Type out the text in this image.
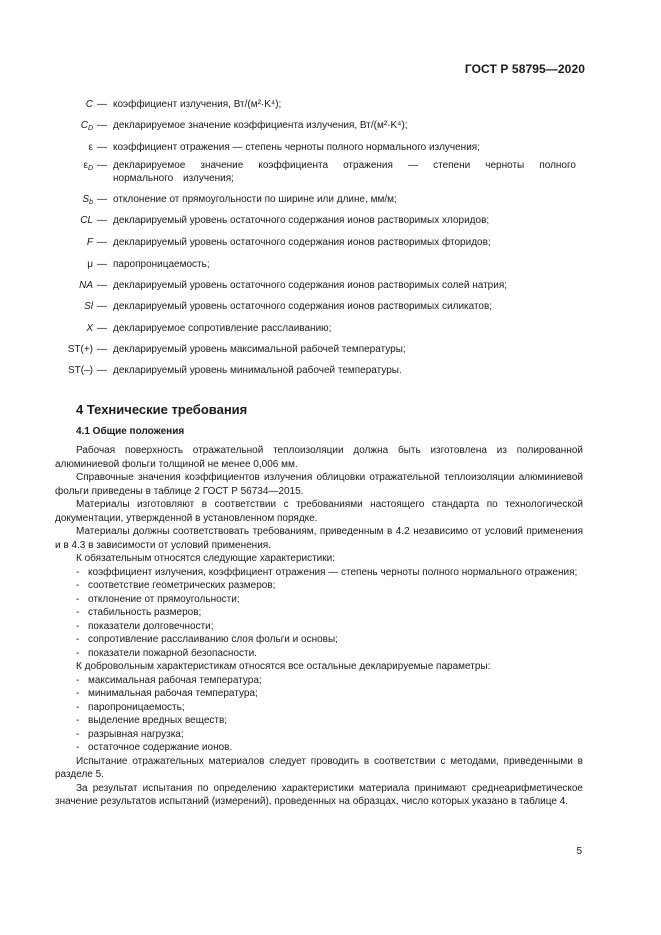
ГОСТ Р 58795—2020
C — коэффициент излучения, Вт/(м²·K⁴);
$C_D$ — декларируемое значение коэффициента излучения, Вт/(м²·K⁴);
ε — коэффициент отражения — степень черноты полного нормального излучения;
$\varepsilon_D$ — декларируемое значение коэффициента отражения — степени черноты полного нормального излучения;
$S_b$ — отклонение от прямоугольности по ширине или длине, мм/м;
CL — декларируемый уровень остаточного содержания ионов растворимых хлоридов;
F — декларируемый уровень остаточного содержания ионов растворимых фторидов;
μ — паропроницаемость;
NA — декларируемый уровень остаточного содержания ионов растворимых солей натрия;
Sl — декларируемый уровень остаточного содержания ионов растворимых силикатов;
X — декларируемое сопротивление расслаиванию;
ST(+) — декларируемый уровень максимальной рабочей температуры;
ST(–) — декларируемый уровень минимальной рабочей температуры.
4 Технические требования
4.1 Общие положения

Рабочая поверхность отражательной теплоизоляции должна быть изготовлена из полированной алюминиевой фольги толщиной не менее 0,006 мм.

Справочные значения коэффициентов излучения облицовки отражательной теплоизоляции алюминиевой фольги приведены в таблице 2 ГОСТ Р 56734—2015.

Материалы изготовляют в соответствии с требованиями настоящего стандарта по технологической документации, утвержденной в установленном порядке.

Материалы должны соответствовать требованиям, приведенным в 4.2 независимо от условий применения и в 4.3 в зависимости от условий применения.

К обязательным относятся следующие характеристики:

- коэффициент излучения, коэффициент отражения — степень черноты полного нормального отражения;
- соответствие геометрических размеров;
- отклонение от прямоугольности;
- стабильность размеров;
- показатели долговечности;
- сопротивление расслаиванию слоя фольги и основы;
- показатели пожарной безопасности.

К добровольным характеристикам относятся все остальные декларируемые параметры:

- максимальная рабочая температура;
- минимальная рабочая температура;
- паропроницаемость;
- выделение вредных веществ;
- разрывная нагрузка;
- остаточное содержание ионов.

Испытание отражательных материалов следует проводить в соответствии с методами, приведенными в разделе 5.

За результат испытания по определению характеристики материала принимают среднеарифметическое значение результатов испытаний (измерений), проведенных на образцах, число которых указано в таблице 4.

5
